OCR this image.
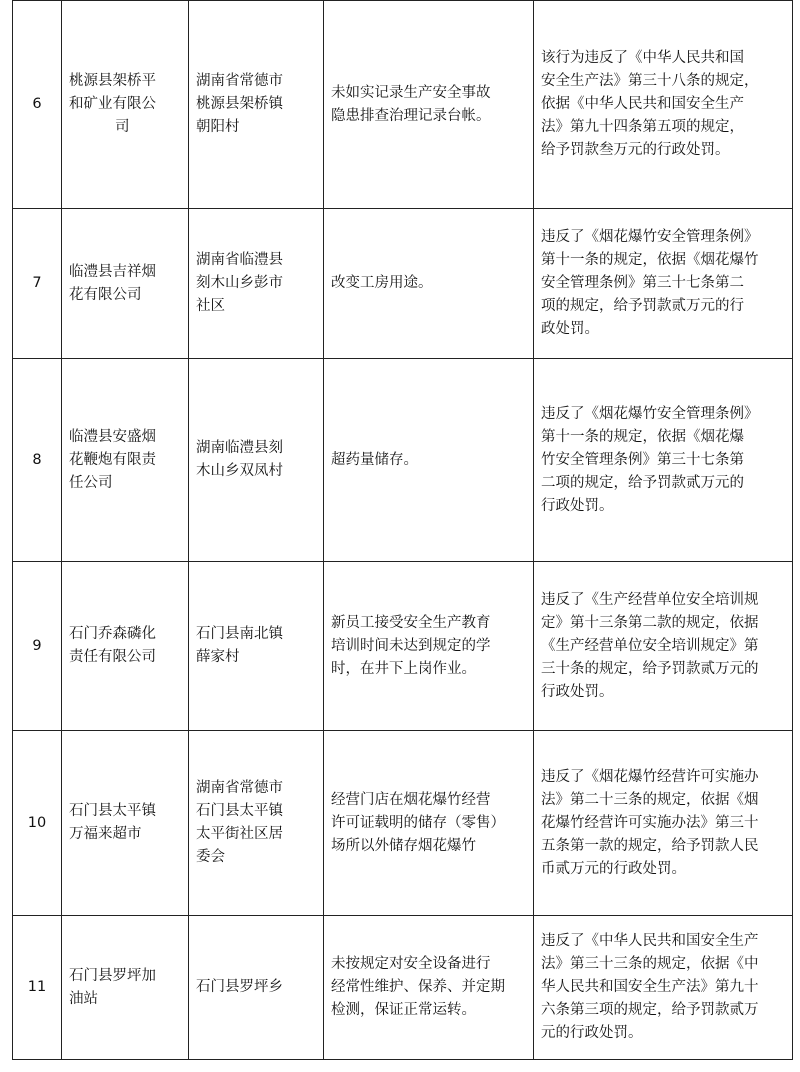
6	桃源县架桥平
和矿业有限公
司	湖南省常德市
桃源县架桥镇
朝阳村	未如实记录生产安全事故
隐患排查治理记录台帐。	该行为违反了《中华人民共和国
安全生产法》第三十八条的规定，
依据《中华人民共和国安全生产
法》第九十四条第五项的规定，
给予罚款叁万元的行政处罚。

7	临澧县吉祥烟
花有限公司	湖南省临澧县
刻木山乡彭市
社区	改变工房用途。	违反了《烟花爆竹安全管理条例》
第十一条的规定，依据《烟花爆竹
安全管理条例》第三十七条第二
项的规定，给予罚款贰万元的行
政处罚。

8	临澧县安盛烟
花鞭炮有限责
任公司	湖南临澧县刻
木山乡双凤村	超药量储存。	违反了《烟花爆竹安全管理条例》
第十一条的规定，依据《烟花爆
竹安全管理条例》第三十七条第
二项的规定，给予罚款贰万元的
行政处罚。

9	石门乔森磷化
责任有限公司	石门县南北镇
薛家村	新员工接受安全生产教育
培训时间未达到规定的学
时，在井下上岗作业。	违反了《生产经营单位安全培训规
定》第十三条第二款的规定，依据
《生产经营单位安全培训规定》第
三十条的规定，给予罚款贰万元的
行政处罚。

10	石门县太平镇
万福来超市	湖南省常德市
石门县太平镇
太平街社区居
委会	经营门店在烟花爆竹经营
许可证载明的储存（零售）
场所以外储存烟花爆竹	违反了《烟花爆竹经营许可实施办
法》第二十三条的规定，依据《烟
花爆竹经营许可实施办法》第三十
五条第一款的规定，给予罚款人民
币贰万元的行政处罚。

11	石门县罗坪加
油站	石门县罗坪乡	未按规定对安全设备进行
经常性维护、保养、并定期
检测，保证正常运转。	违反了《中华人民共和国安全生产
法》第三十三条的规定，依据《中
华人民共和国安全生产法》第九十
六条第三项的规定，给予罚款贰万
元的行政处罚。
